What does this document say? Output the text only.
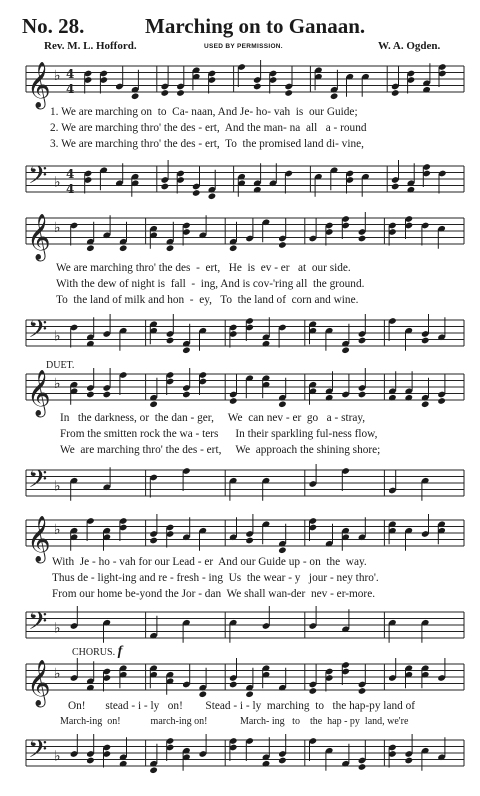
No. 28.	Marching on to Ganaan.
Rev. M. L. Hofford.	USED BY PERMISSION.	W. A. Ogden.
𝄞 ♭ 4
4
1. We are marching on  to  Ca- naan, And Je- ho- vah  is  our Guide;
2. We are marching thro' the des - ert,  And the man- na  all   a - round
3. We are marching thro' the des - ert,  To  the promised land di- vine,
𝄢 ♭
4
4
𝄞 ♭
We are marching thro' the des  -  ert,   He  is  ev - er   at  our side.
With the dew of night is  fall  -  ing, And is cov-'ring all  the ground.
To  the land of milk and hon  -  ey,   To  the land of  corn and wine.
𝄢 ♭
DUET.
𝄞 ♭
In   the darkness, or  the dan - ger,     We  can nev - er  go   a - stray,
From the smitten rock the wa - ters      In their sparkling ful-ness flow,
We  are marching thro' the des - ert,     We  approach the shining shore;
𝄢 ♭
𝄞 ♭
With  Je - ho - vah for our Lead - er  And our Guide up - on  the  way.
Thus de - light-ing and re - fresh - ing  Us  the wear - y   jour - ney thro'.
From our home be-yond the Jor - dan  We shall wan-der  nev - er-more.
𝄢 ♭
CHORUS. f
𝄞 ♭
On!       stead - i - ly   on!        Stead - i - ly  marching  to   the hap-py land of
March-ing  on!            march-ing on!             March- ing   to    the  hap - py  land, we're
𝄢 ♭
